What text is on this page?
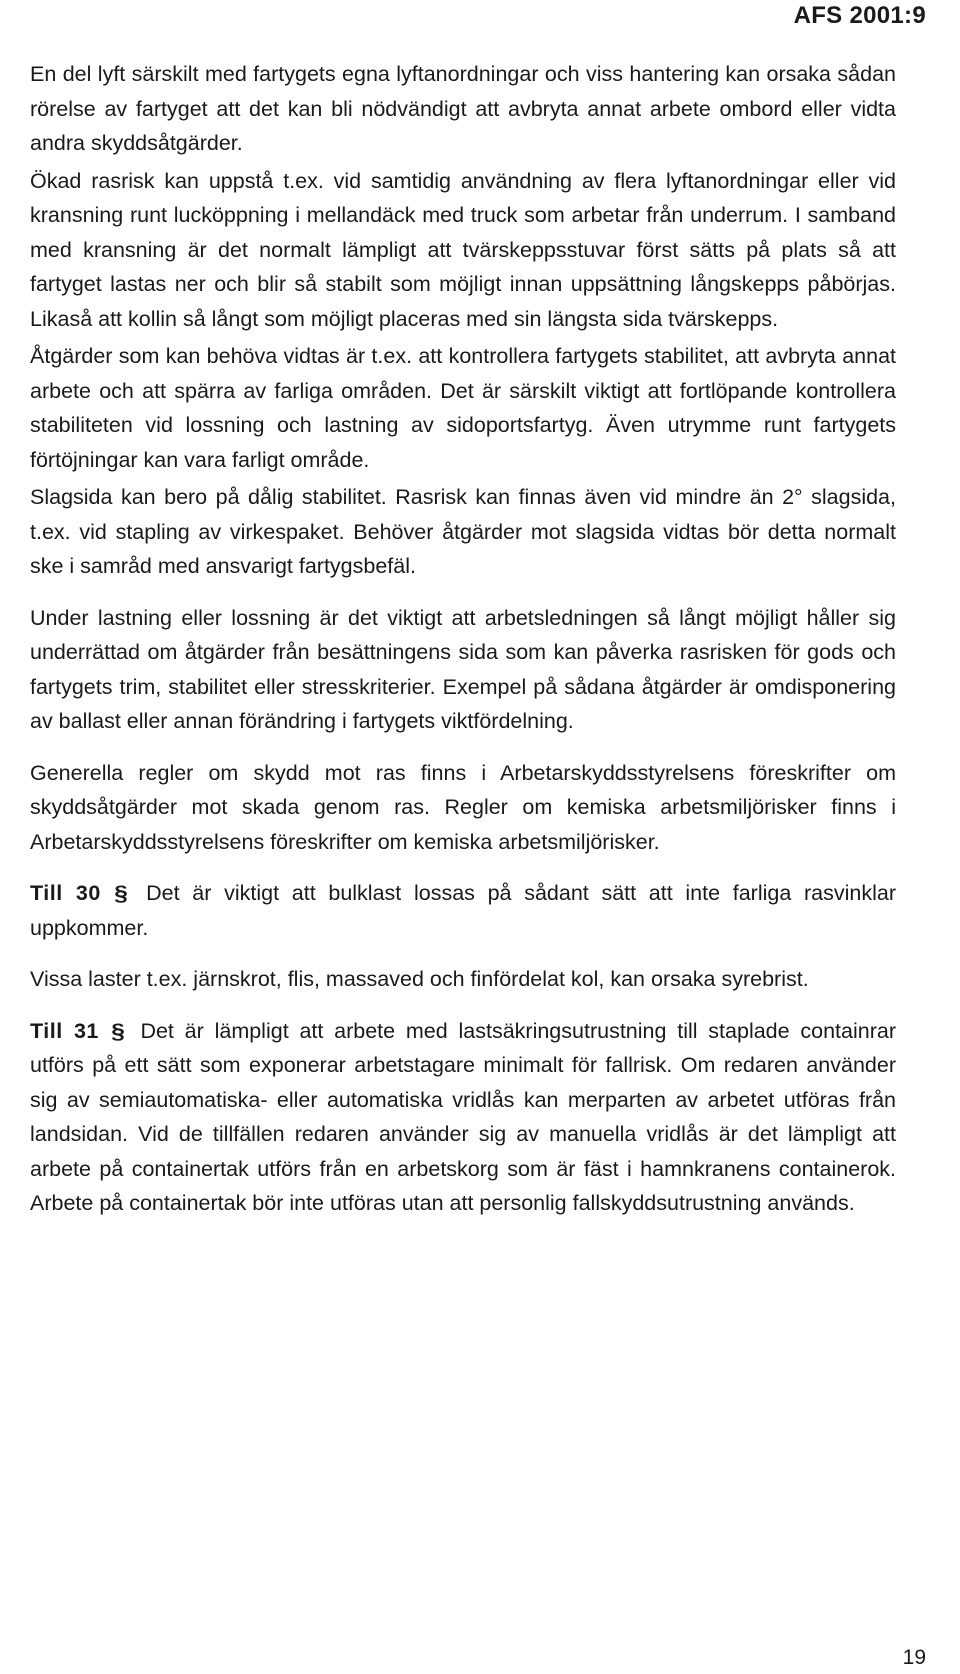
AFS 2001:9

En del lyft särskilt med fartygets egna lyftanordningar och viss hantering kan orsaka sådan rörelse av fartyget att det kan bli nödvändigt att avbryta annat arbete ombord eller vidta andra skyddsåtgärder.

Ökad rasrisk kan uppstå t.ex. vid samtidig användning av flera lyftanordningar eller vid kransning runt lucköppning i mellandäck med truck som arbetar från underrum. I samband med kransning är det normalt lämpligt att tvärskeppsstuvar först sätts på plats så att fartyget lastas ner och blir så stabilt som möjligt innan uppsättning långskepps påbörjas. Likaså att kollin så långt som möjligt placeras med sin längsta sida tvärskepps.

Åtgärder som kan behöva vidtas är t.ex. att kontrollera fartygets stabilitet, att avbryta annat arbete och att spärra av farliga områden. Det är särskilt viktigt att fortlöpande kontrollera stabiliteten vid lossning och lastning av sidoportsfartyg. Även utrymme runt fartygets förtöjningar kan vara farligt område.

Slagsida kan bero på dålig stabilitet. Rasrisk kan finnas även vid mindre än 2° slagsida, t.ex. vid stapling av virkespaket. Behöver åtgärder mot slagsida vidtas bör detta normalt ske i samråd med ansvarigt fartygsbefäl.

Under lastning eller lossning är det viktigt att arbetsledningen så långt möjligt håller sig underrättad om åtgärder från besättningens sida som kan påverka rasrisken för gods och fartygets trim, stabilitet eller stresskriterier. Exempel på sådana åtgärder är omdisponering av ballast eller annan förändring i fartygets viktfördelning.

Generella regler om skydd mot ras finns i Arbetarskyddsstyrelsens föreskrifter om skyddsåtgärder mot skada genom ras. Regler om kemiska arbetsmiljörisker finns i Arbetarskyddsstyrelsens föreskrifter om kemiska arbetsmiljörisker.

Till 30 § Det är viktigt att bulklast lossas på sådant sätt att inte farliga rasvinklar uppkommer.

Vissa laster t.ex. järnskrot, flis, massaved och finfördelat kol, kan orsaka syrebrist.

Till 31 § Det är lämpligt att arbete med lastsäkringsutrustning till staplade containrar utförs på ett sätt som exponerar arbetstagare minimalt för fallrisk. Om redaren använder sig av semiautomatiska- eller automatiska vridlås kan merparten av arbetet utföras från landsidan. Vid de tillfällen redaren använder sig av manuella vridlås är det lämpligt att arbete på containertak utförs från en arbetskorg som är fäst i hamnkranens containerok. Arbete på containertak bör inte utföras utan att personlig fallskyddsutrustning används.

19
